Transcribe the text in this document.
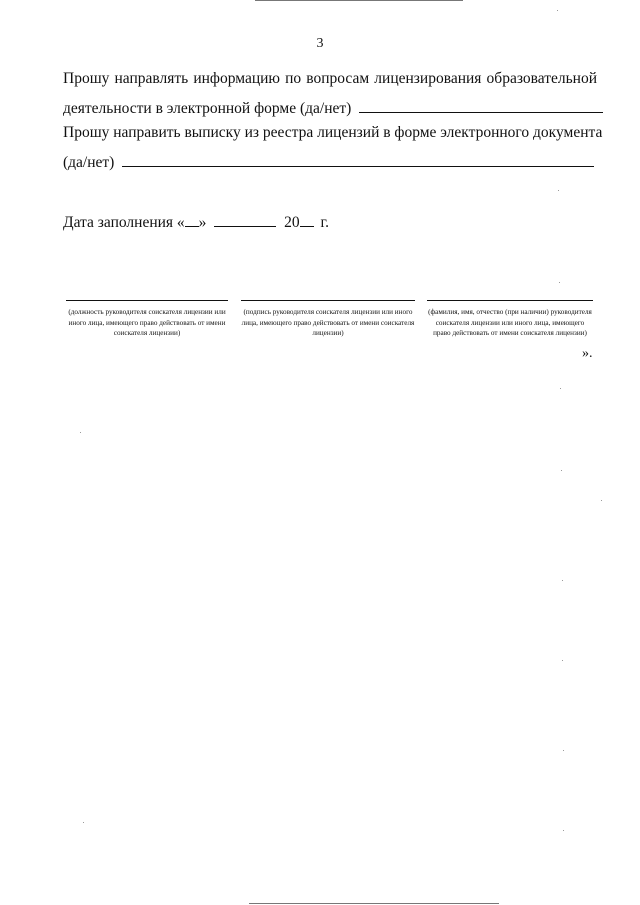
3
Прошу направлять информацию по вопросам лицензирования образовательной
деятельности в электронной форме (да/нет)
Прошу направить выписку из реестра лицензий в форме электронного документа
(да/нет)
Дата заполнения « »	20 г.
(должность руководителя соискателя лицензии или иного лица, имеющего право действовать от имени соискателя лицензии)
(подпись руководителя соискателя лицензии или иного лица, имеющего право действовать от имени соискателя лицензии)
(фамилия, имя, отчество (при наличии) руководителя соискателя лицензии или иного лица, имеющего право действовать от имени соискателя лицензии)
».
